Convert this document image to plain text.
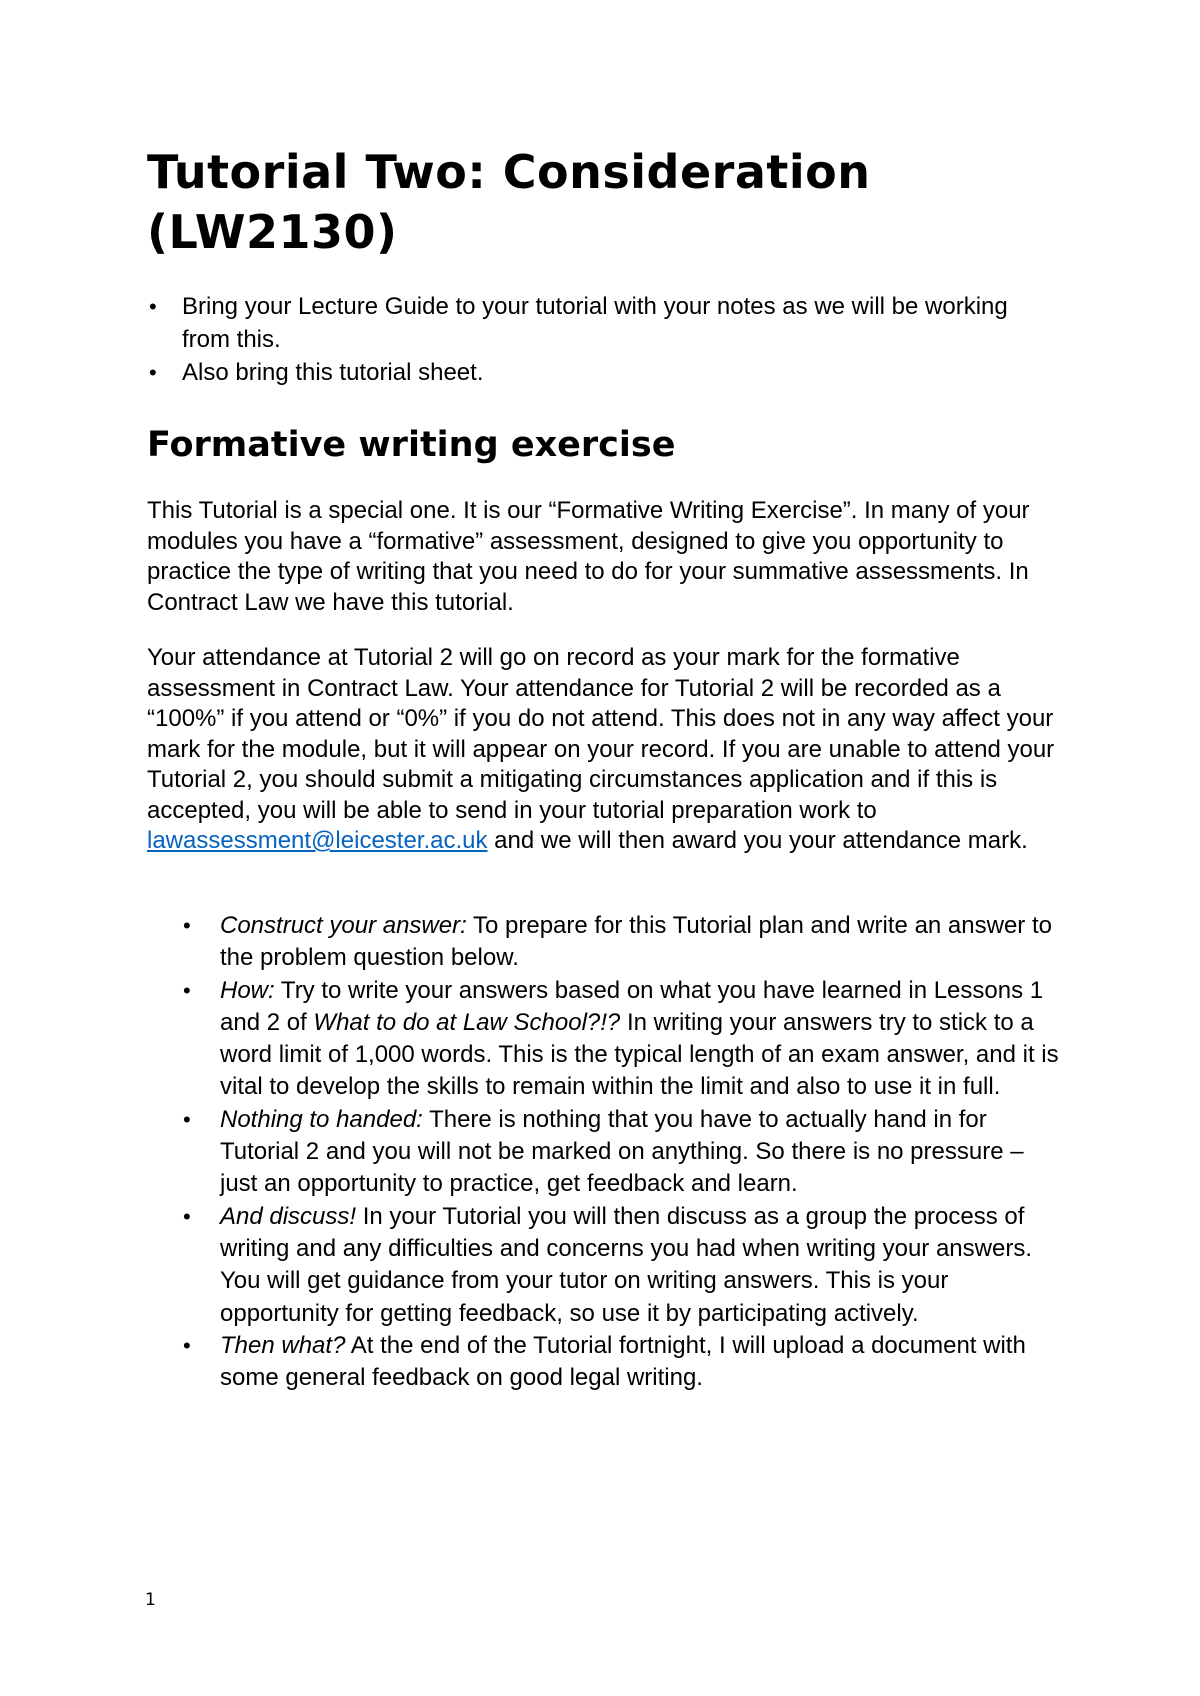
Tutorial Two: Consideration (LW2130)
• Bring your Lecture Guide to your tutorial with your notes as we will be working from this.
• Also bring this tutorial sheet.
Formative writing exercise

This Tutorial is a special one. It is our “Formative Writing Exercise”. In many of your modules you have a “formative” assessment, designed to give you opportunity to practice the type of writing that you need to do for your summative assessments. In Contract Law we have this tutorial.

Your attendance at Tutorial 2 will go on record as your mark for the formative assessment in Contract Law. Your attendance for Tutorial 2 will be recorded as a “100%” if you attend or “0%” if you do not attend. This does not in any way affect your mark for the module, but it will appear on your record. If you are unable to attend your Tutorial 2, you should submit a mitigating circumstances application and if this is accepted, you will be able to send in your tutorial preparation work to lawassessment@leicester.ac.uk and we will then award you your attendance mark.

• Construct your answer: To prepare for this Tutorial plan and write an answer to the problem question below.
• How: Try to write your answers based on what you have learned in Lessons 1 and 2 of What to do at Law School?!? In writing your answers try to stick to a word limit of 1,000 words. This is the typical length of an exam answer, and it is vital to develop the skills to remain within the limit and also to use it in full.
• Nothing to handed: There is nothing that you have to actually hand in for Tutorial 2 and you will not be marked on anything. So there is no pressure – just an opportunity to practice, get feedback and learn.
• And discuss! In your Tutorial you will then discuss as a group the process of writing and any difficulties and concerns you had when writing your answers. You will get guidance from your tutor on writing answers. This is your opportunity for getting feedback, so use it by participating actively.
• Then what? At the end of the Tutorial fortnight, I will upload a document with some general feedback on good legal writing.
1
